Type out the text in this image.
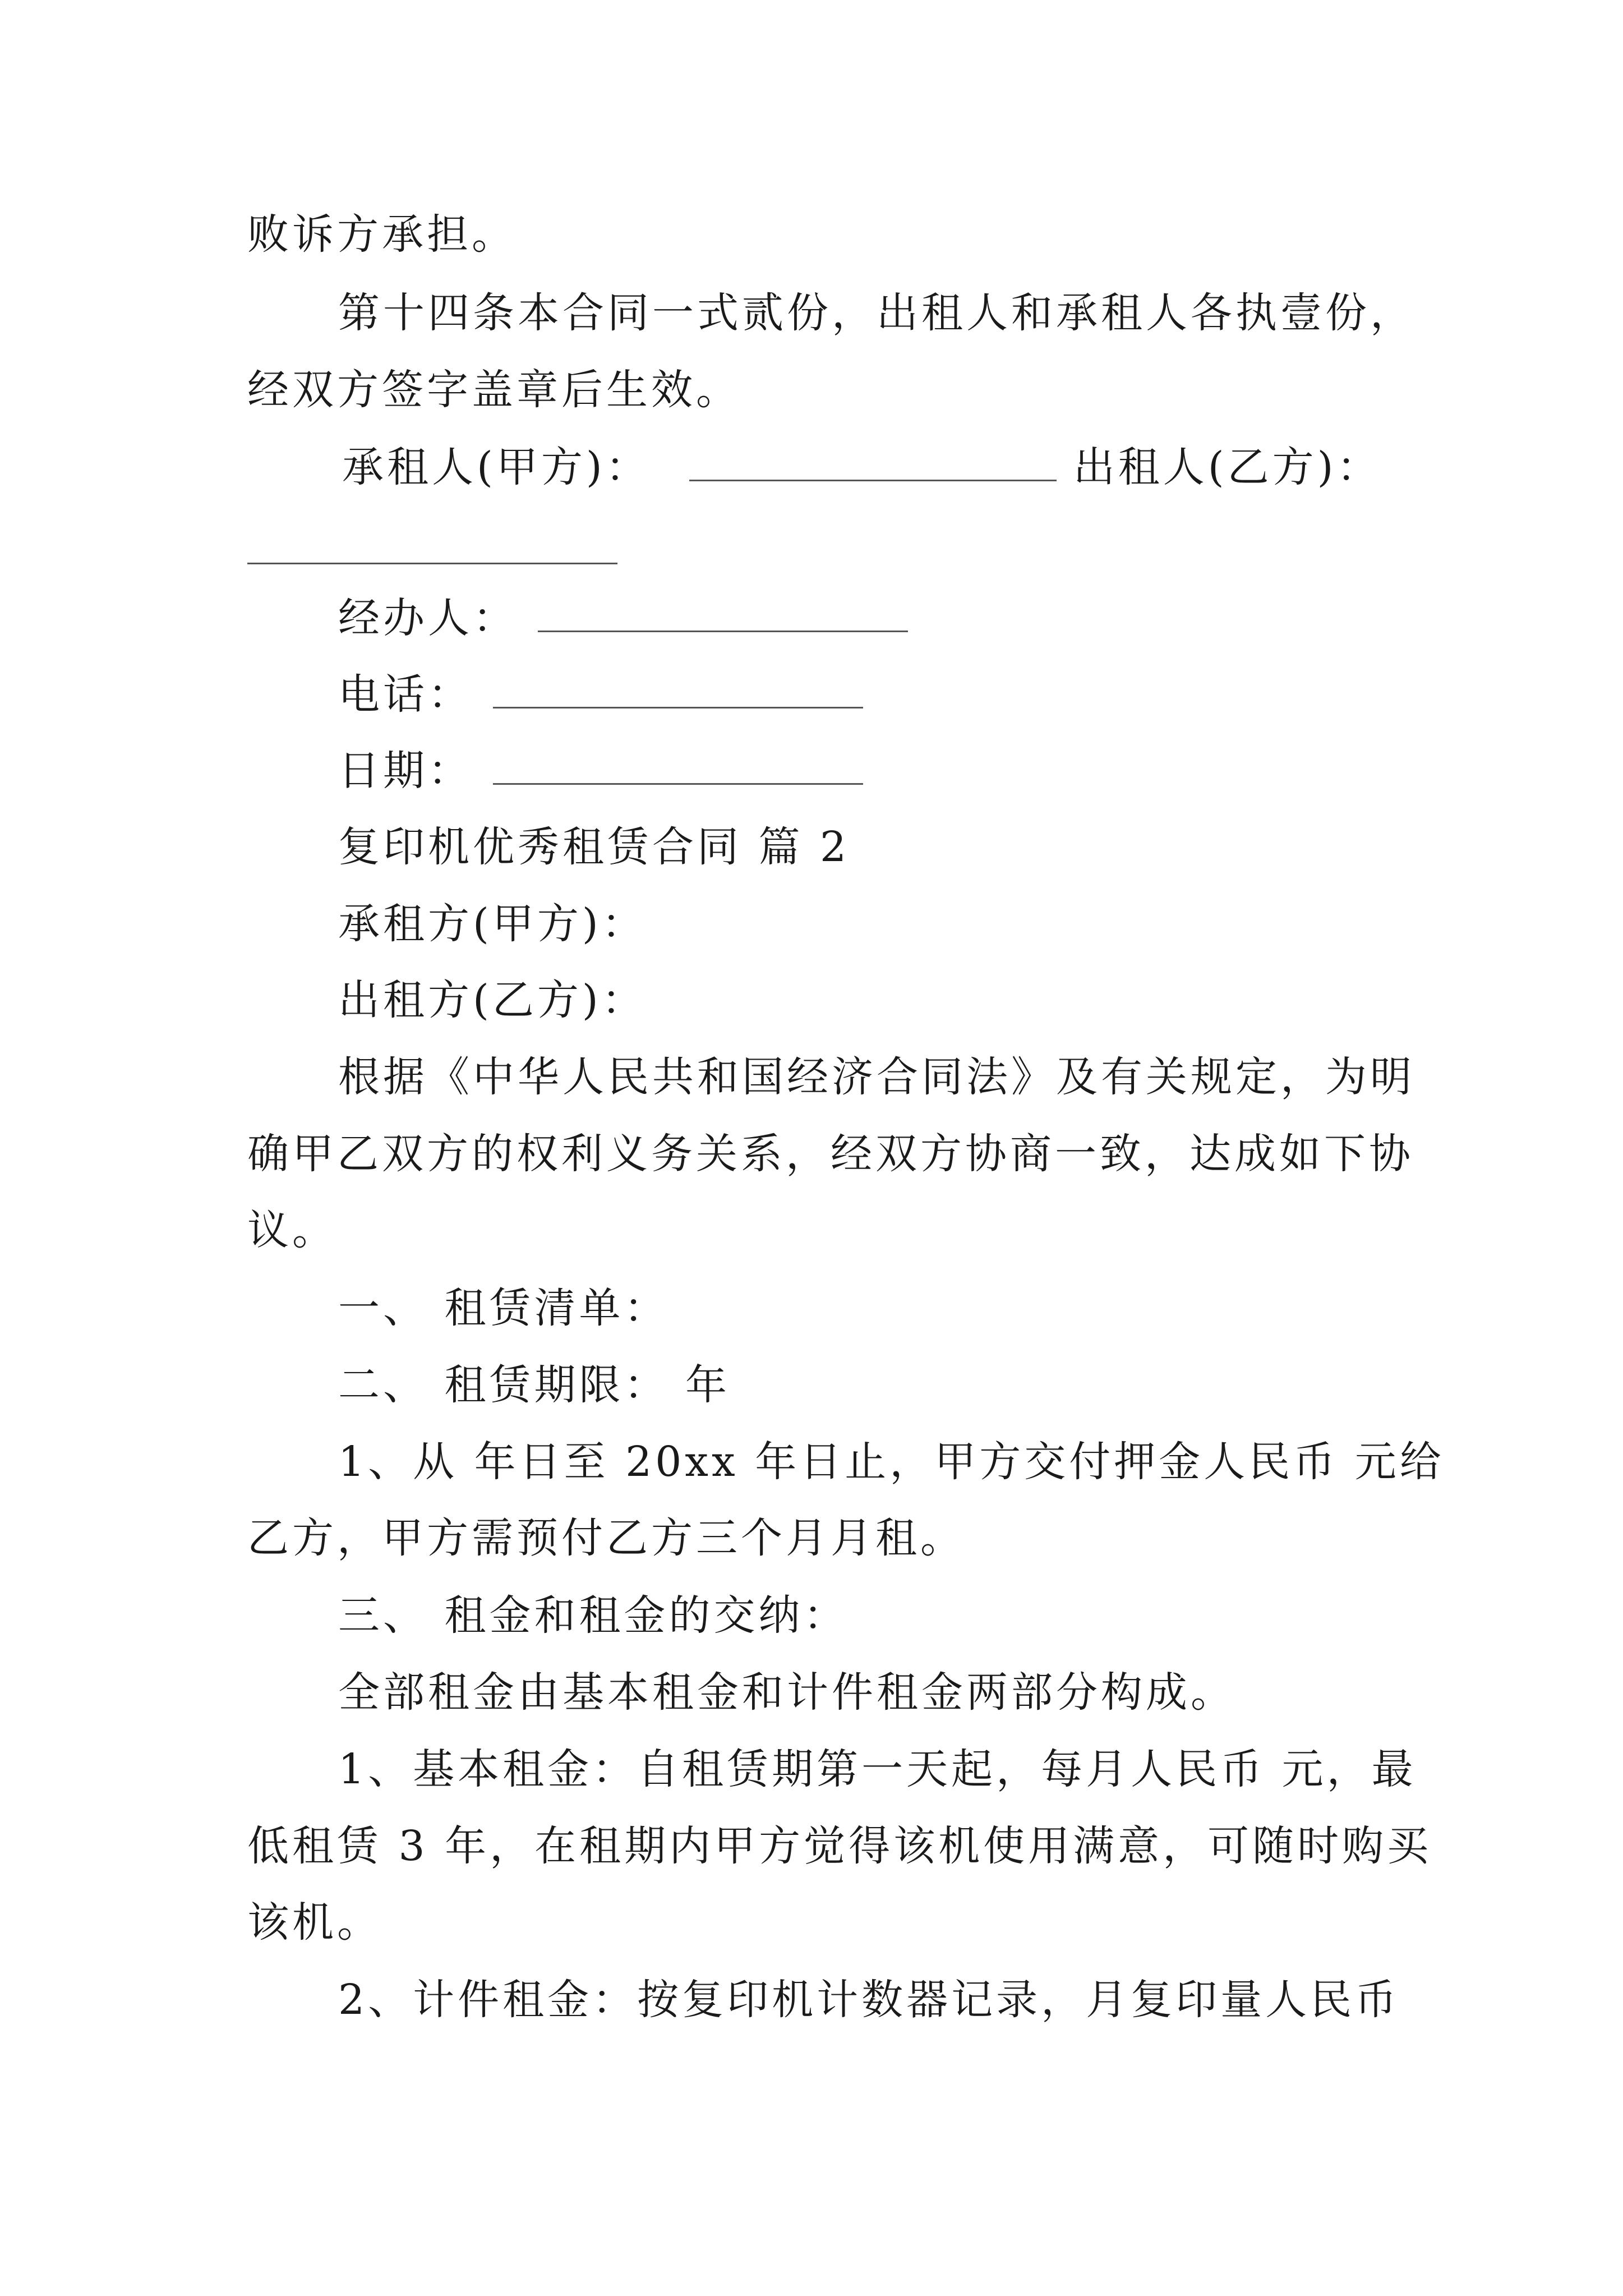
败诉方承担。
第十四条本合同一式贰份，出租人和承租人各执壹份，
经双方签字盖章后生效。
承租人(甲方)：	出租人(乙方)：
经办人：
电话：
日期：
复印机优秀租赁合同 篇 2
承租方(甲方)：
出租方(乙方)：
根据《中华人民共和国经济合同法》及有关规定，为明
确甲乙双方的权利义务关系，经双方协商一致，达成如下协
议。
一、 租赁清单：
二、 租赁期限： 年
1、从 年日至 20xx 年日止，甲方交付押金人民币 元给
乙方，甲方需预付乙方三个月月租。
三、 租金和租金的交纳：
全部租金由基本租金和计件租金两部分构成。
1、基本租金：自租赁期第一天起，每月人民币 元，最
低租赁 3 年，在租期内甲方觉得该机使用满意，可随时购买
该机。
2、计件租金：按复印机计数器记录，月复印量人民币
